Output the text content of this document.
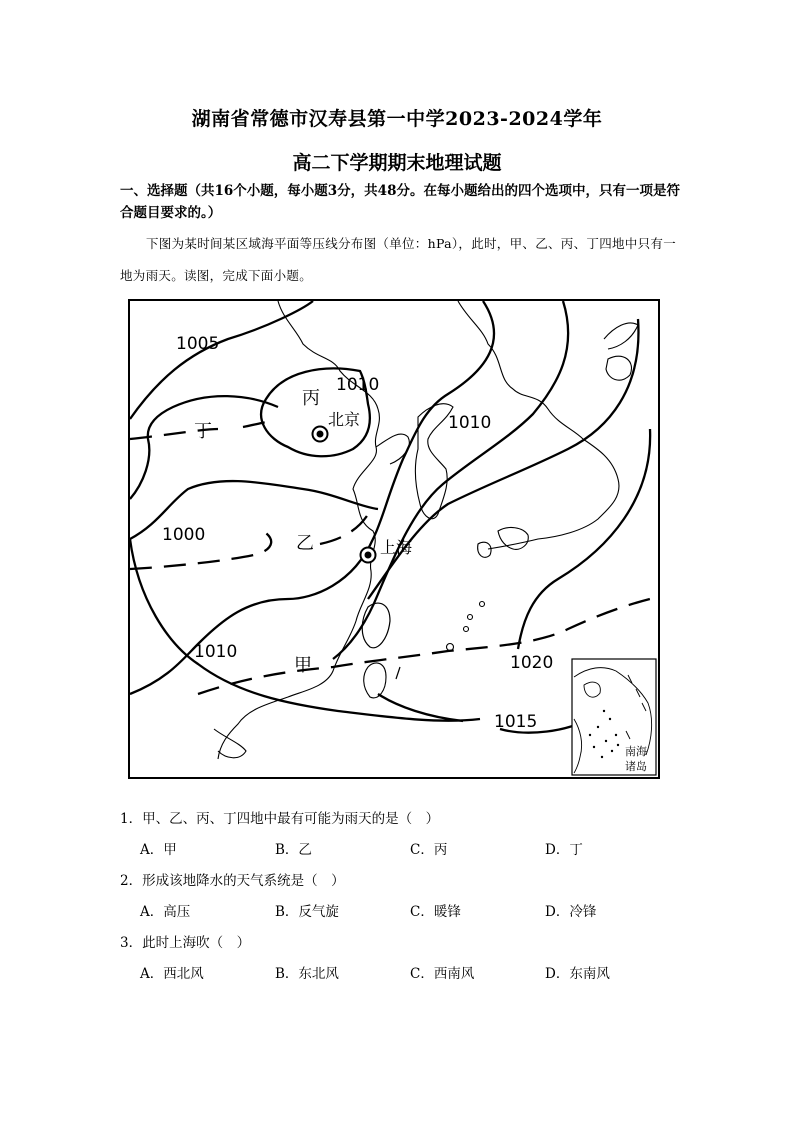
湖南省常德市汉寿县第一中学2023-2024学年
高二下学期期末地理试题
一、选择题（共16个小题，每小题3分，共48分。在每小题给出的四个选项中，只有一项是符合题目要求的。）
下图为某时间某区域海平面等压线分布图（单位：hPa），此时，甲、乙、丙、丁四地中只有一地为雨天。读图，完成下面小题。
1005
1010
1010
1000
1010
1020
1015
丙
丁
乙
甲
北京
上海
南海
诸岛
1．甲、乙、丙、丁四地中最有可能为雨天的是（　）
A．甲	B．乙	C．丙	D．丁
2．形成该地降水的天气系统是（　）
A．高压	B．反气旋	C．暖锋	D．冷锋
3．此时上海吹（　）
A．西北风	B．东北风	C．西南风	D．东南风
